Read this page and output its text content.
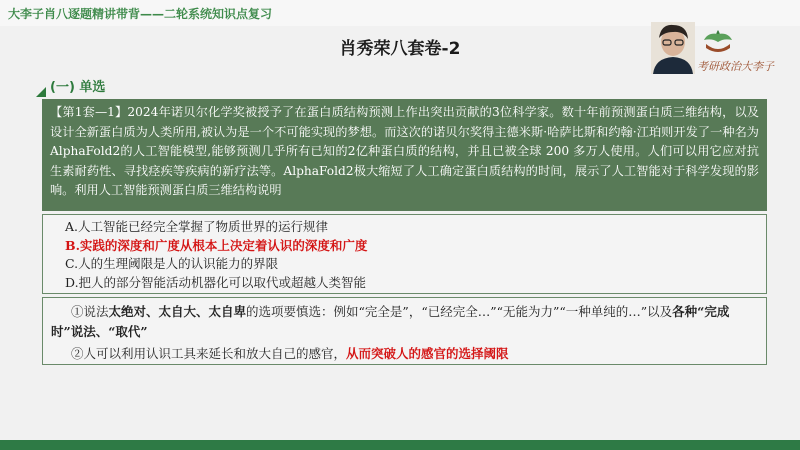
大李子肖八逐题精讲带背——二轮系统知识点复习
肖秀荣八套卷-2
考研政治大李子
(一) 单选
【第1套—1】2024年诺贝尔化学奖被授予了在蛋白质结构预测上作出突出贡献的3位科学家。数十年前预测蛋白质三维结构，以及设计全新蛋白质为人类所用,被认为是一个不可能实现的梦想。而这次的诺贝尔奖得主德米斯·哈萨比斯和约翰·江珀则开发了一种名为 AlphaFold2的人工智能模型,能够预测几乎所有已知的2亿种蛋白质的结构，并且已被全球 200 多万人使用。人们可以用它应对抗生素耐药性、寻找痉疾等疾病的新疗法等。AlphaFold2极大缩短了人工确定蛋白质结构的时间，展示了人工智能对于科学发现的影响。利用人工智能预测蛋白质三维结构说明
A.人工智能已经完全掌握了物质世界的运行规律
B.实践的深度和广度从根本上决定着认识的深度和广度
C.人的生理阈限是人的认识能力的界限
D.把人的部分智能活动机器化可以取代或超越人类智能
①说法太绝对、太自大、太自卑的选项要慎选：例如“完全是”，“已经完全…”“无能为力”“一种单纯的…”以及各种“完成时”说法、“取代”
②人可以利用认识工具来延长和放大自己的感官，从而突破人的感官的选择阈限
